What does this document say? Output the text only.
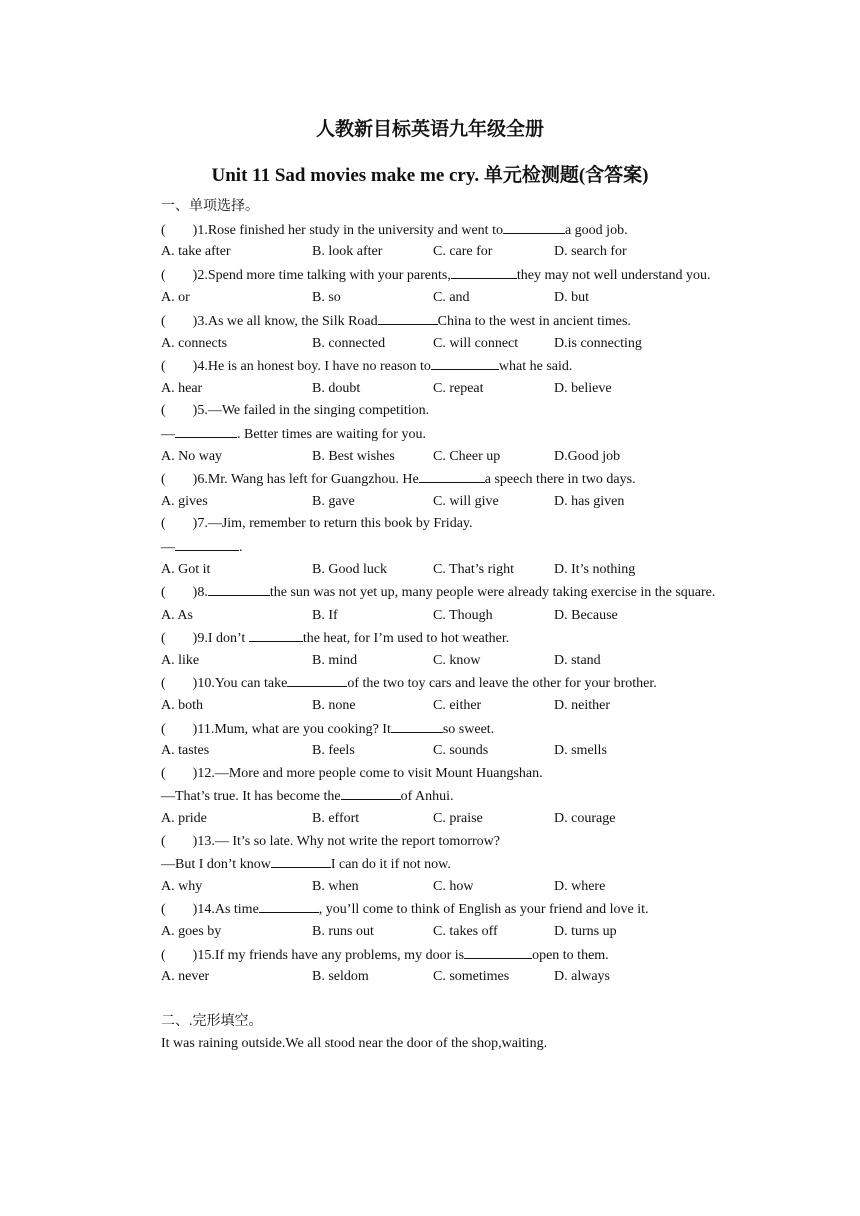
人教新目标英语九年级全册
Unit 11 Sad movies make me cry. 单元检测题(含答案)
一、单项选择。
( )1.Rose finished her study in the university and went to	a good job.
A. take after	B. look after	C. care for	D. search for
( )2.Spend more time talking with your parents,	they may not well understand you.
A. or	B. so	C. and	D. but
( )3.As we all know, the Silk Road	China to the west in ancient times.
A. connects	B. connected	C. will connect	D.is connecting
( )4.He is an honest boy. I have no reason to	what he said.
A. hear	B. doubt	C. repeat	D. believe
( )5.—We failed in the singing competition.
—	. Better times are waiting for you.
A. No way	B. Best wishes	C. Cheer up	D.Good job
( )6.Mr. Wang has left for Guangzhou. He	a speech there in two days.
A. gives	B. gave	C. will give	D. has given
( )7.—Jim, remember to return this book by Friday.
—	.
A. Got it	B. Good luck	C. That’s right	D. It’s nothing
( )8.	the sun was not yet up, many people were already taking exercise in the square.
A. As	B. If	C. Though	D. Because
( )9.I don’t	the heat, for I’m used to hot weather.
A. like	B. mind	C. know	D. stand
( )10.You can take	of the two toy cars and leave the other for your brother.
A. both	B. none	C. either	D. neither
( )11.Mum, what are you cooking? It	so sweet.
A. tastes	B. feels	C. sounds	D. smells
( )12.—More and more people come to visit Mount Huangshan.
—That’s true. It has become the	of Anhui.
A. pride	B. effort	C. praise	D. courage
( )13.— It’s so late. Why not write the report tomorrow?
—But I don’t know	I can do it if not now.
A. why	B. when	C. how	D. where
( )14.As time	, you’ll come to think of English as your friend and love it.
A. goes by	B. runs out	C. takes off	D. turns up
( )15.If my friends have any problems, my door is	open to them.
A. never	B. seldom	C. sometimes	D. always
二、.完形填空。
It was raining outside.We all stood near the door of the shop,waiting.
